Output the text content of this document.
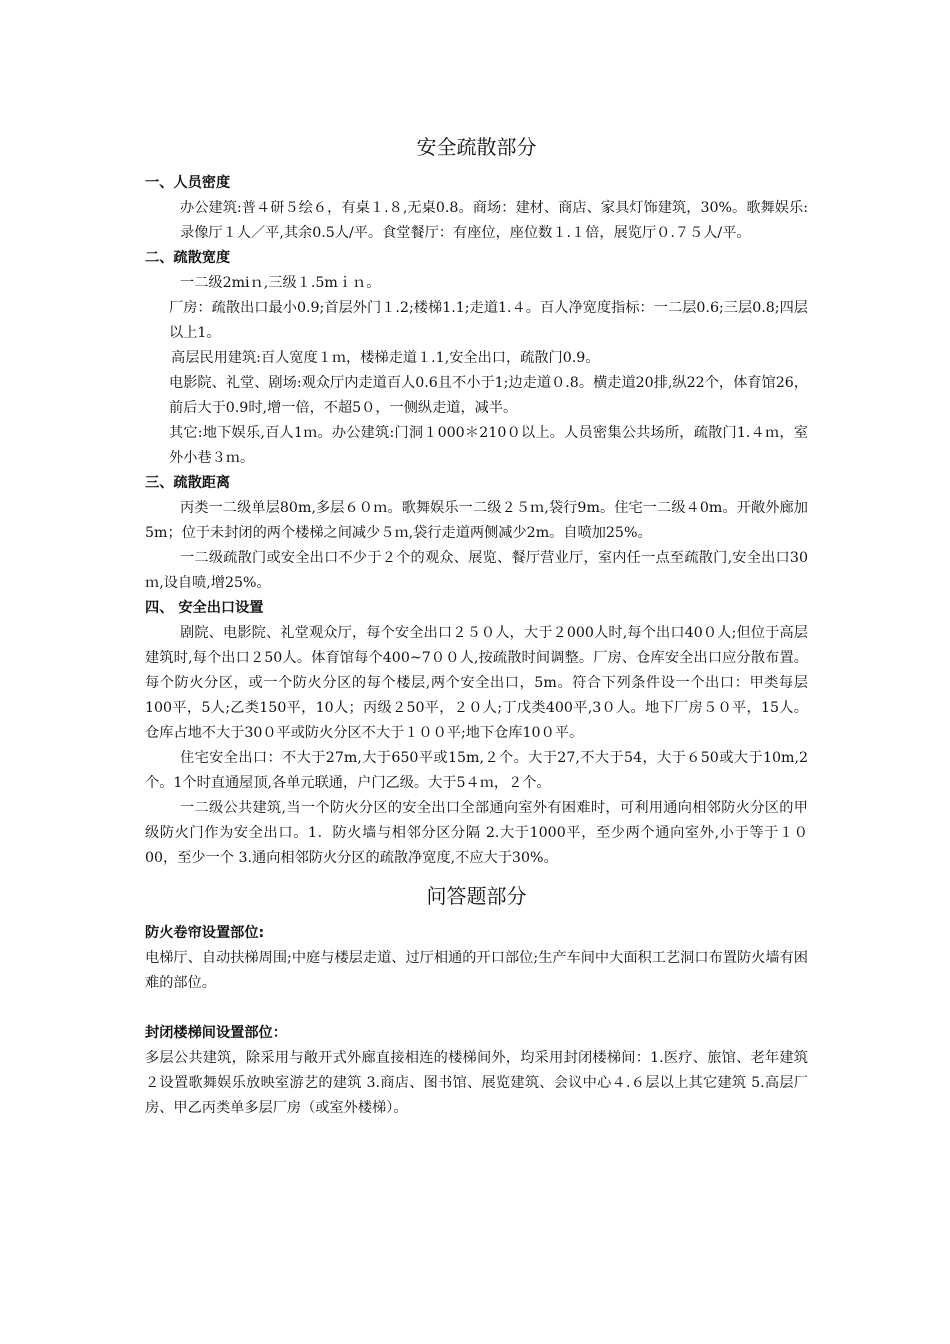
安全疏散部分
一、人员密度
办公建筑:普４研５绘６，有桌１.８,无桌0.8。商场：建材、商店、家具灯饰建筑，30%。歌舞娱乐:录像厅１人／平,其余0.5人/平。食堂餐厅：有座位，座位数１.１倍，展览厅０.７５人/平。
二、疏散宽度
一二级2miｎ,三级１.5mｉｎ。
厂房：疏散出口最小0.9;首层外门１.2;楼梯1.1;走道1.４。百人净宽度指标：一二层0.6;三层0.8;四层以上1。
高层民用建筑:百人宽度１ｍ，楼梯走道１.1,安全出口，疏散门0.9。
电影院、礼堂、剧场:观众厅内走道百人0.6且不小于1;边走道０.8。横走道20排,纵22个，体育馆26，前后大于0.9时,增一倍，不超5０，一侧纵走道，减半。
其它:地下娱乐,百人1ｍ。办公建筑:门洞１000＊210０以上。人员密集公共场所，疏散门1.４ｍ，室外小巷３ｍ。
三、疏散距离
丙类一二级单层80m,多层６０ｍ。歌舞娱乐一二级２５ｍ,袋行9m。住宅一二级４0m。开敞外廊加5m；位于未封闭的两个楼梯之间减少５ｍ,袋行走道两侧减少2m。自喷加25%。
一二级疏散门或安全出口不少于２个的观众、展览、餐厅营业厅，室内任一点至疏散门,安全出口30ｍ,设自喷,增25%。
四、 安全出口设置
剧院、电影院、礼堂观众厅，每个安全出口２５０人，大于２000人时,每个出口40０人;但位于高层建筑时,每个出口２50人。体育馆每个400~7００人,按疏散时间调整。厂房、仓库安全出口应分散布置。每个防火分区，或一个防火分区的每个楼层,两个安全出口，5m。符合下列条件设一个出口：甲类每层100平，5人;乙类150平，10人；丙级２50平，２０人;丁戊类400平,3０人。地下厂房５０平，15人。仓库占地不大于30０平或防火分区不大于１００平;地下仓库10０平。
住宅安全出口：不大于27m,大于650平或15m,２个。大于27,不大于54，大于６50或大于10m,2个。1个时直通屋顶,各单元联通，户门乙级。大于5４ｍ，２个。
一二级公共建筑,当一个防火分区的安全出口全部通向室外有困难时，可利用通向相邻防火分区的甲级防火门作为安全出口。1．防火墙与相邻分区分隔 2.大于1000平，至少两个通向室外,小于等于１０00，至少一个 3.通向相邻防火分区的疏散净宽度,不应大于30%。
问答题部分
防火卷帘设置部位:
电梯厅、自动扶梯周围;中庭与楼层走道、过厅相通的开口部位;生产车间中大面积工艺洞口布置防火墙有困难的部位。
封闭楼梯间设置部位：
多层公共建筑，除采用与敞开式外廊直接相连的楼梯间外，均采用封闭楼梯间：1.医疗、旅馆、老年建筑２设置歌舞娱乐放映室游艺的建筑 3.商店、图书馆、展览建筑、会议中心４.６层以上其它建筑 5.高层厂房、甲乙丙类单多层厂房（或室外楼梯）。
